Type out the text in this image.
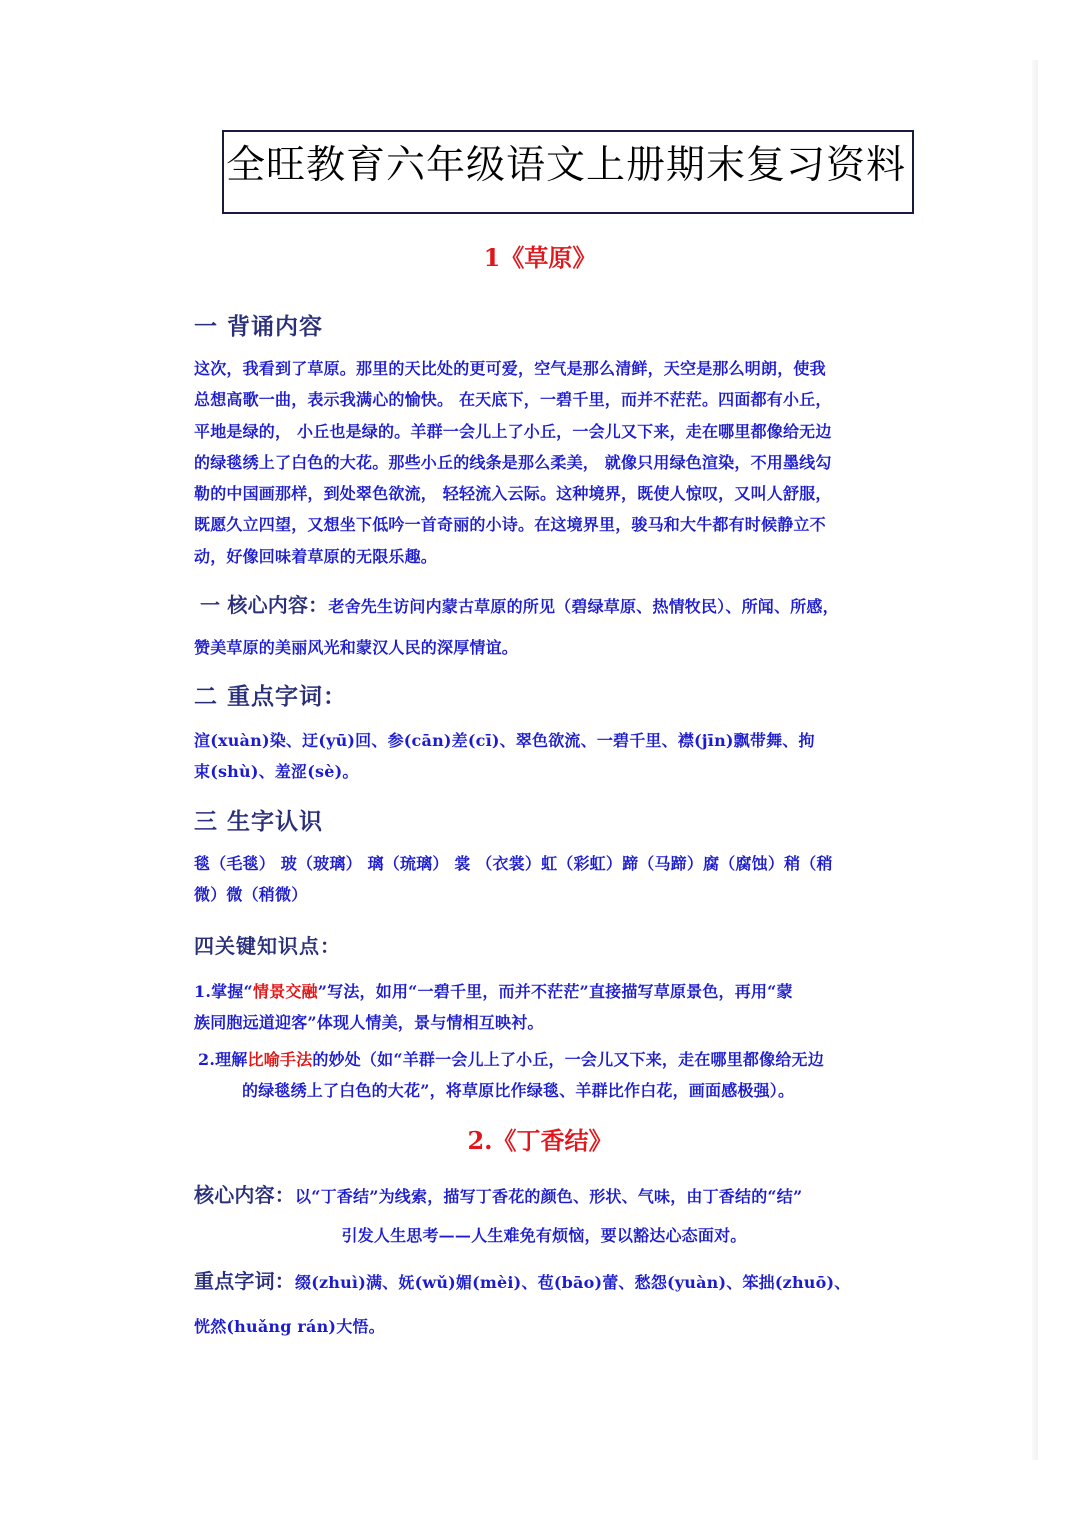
全旺教育六年级语文上册期末复习资料
1《草原》
一 背诵内容
这次，我看到了草原。那里的天比处的更可爱，空气是那么清鲜，天空是那么明朗，使我
总想高歌一曲，表示我满心的愉快。 在天底下，一碧千里，而并不茫茫。四面都有小丘，
平地是绿的， 小丘也是绿的。羊群一会儿上了小丘，一会儿又下来，走在哪里都像给无边
的绿毯绣上了白色的大花。那些小丘的线条是那么柔美， 就像只用绿色渲染，不用墨线勾
勒的中国画那样，到处翠色欲流， 轻轻流入云际。这种境界，既使人惊叹，又叫人舒服，
既愿久立四望，又想坐下低吟一首奇丽的小诗。在这境界里，骏马和大牛都有时候静立不
动，好像回味着草原的无限乐趣。
一 核心内容：老舍先生访问内蒙古草原的所见（碧绿草原、热情牧民）、所闻、所感，
赞美草原的美丽风光和蒙汉人民的深厚情谊。
二 重点字词：
渲(xuàn)染、迂(yū)回、参(cān)差(cī)、翠色欲流、一碧千里、襟(jīn)飘带舞、拘
束(shù)、羞涩(sè)。
三 生字认识
毯（毛毯） 玻（玻璃） 璃（琉璃） 裳 （衣裳）虹（彩虹）蹄（马蹄）腐（腐蚀）稍（稍
微）微（稍微）
四关键知识点：
1.掌握“情景交融”写法，如用“一碧千里，而并不茫茫”直接描写草原景色，再用“蒙
族同胞远道迎客”体现人情美，景与情相互映衬。
2.理解比喻手法的妙处（如“羊群一会儿上了小丘，一会儿又下来，走在哪里都像给无边
的绿毯绣上了白色的大花”，将草原比作绿毯、羊群比作白花，画面感极强）。
2.《丁香结》
核心内容：以“丁香结”为线索，描写丁香花的颜色、形状、气味，由丁香结的“结”
引发人生思考——人生难免有烦恼，要以豁达心态面对。
重点字词：缀(zhuì)满、妩(wǔ)媚(mèi)、苞(bāo)蕾、愁怨(yuàn)、笨拙(zhuō)、
恍然(huǎng rán)大悟。
